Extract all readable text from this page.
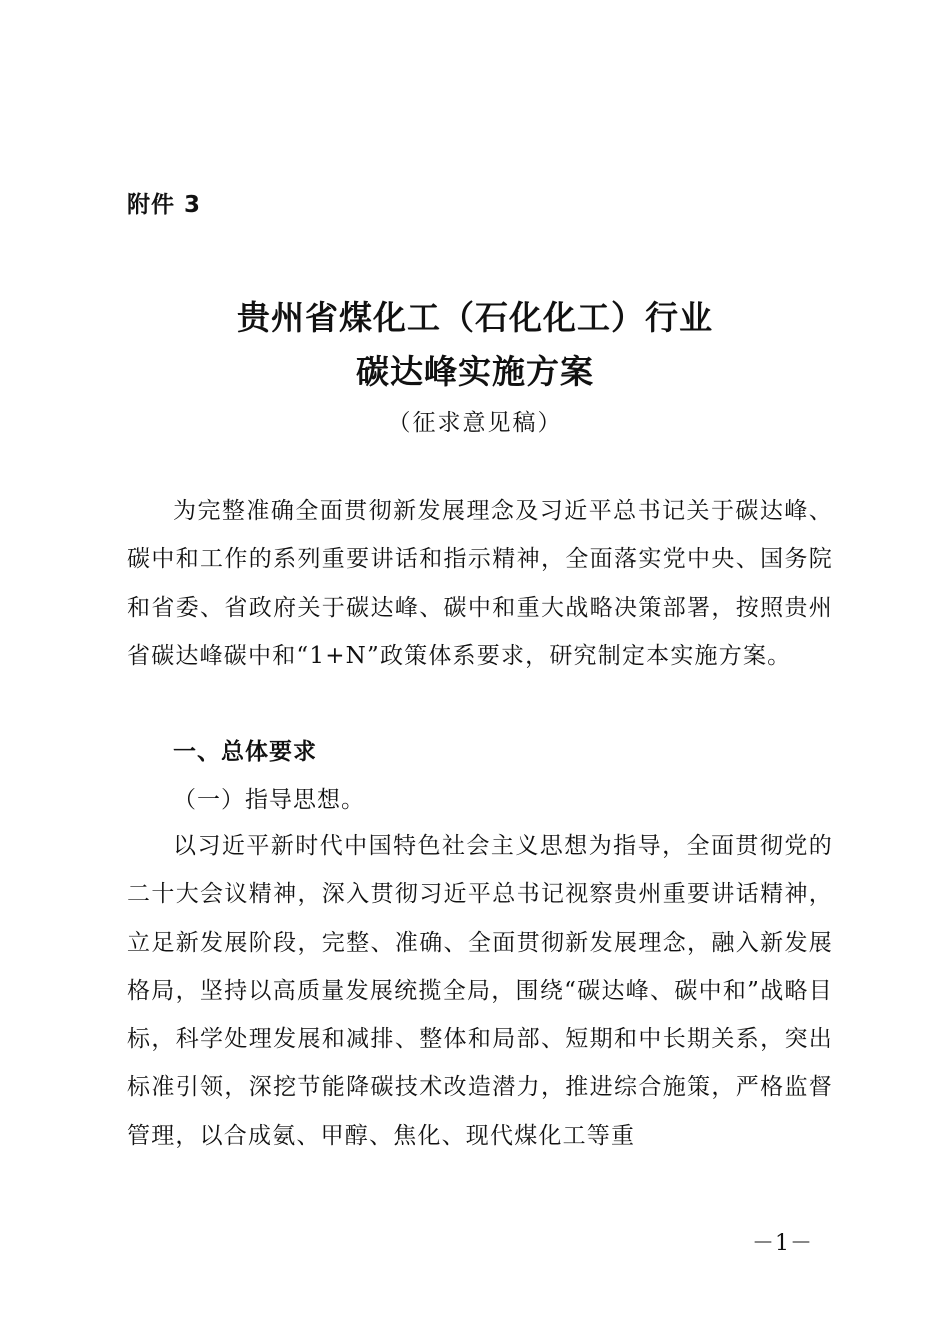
附件 3
贵州省煤化工（石化化工）行业
碳达峰实施方案
（征求意见稿）
为完整准确全面贯彻新发展理念及习近平总书记关于碳达峰、碳中和工作的系列重要讲话和指示精神，全面落实党中央、国务院和省委、省政府关于碳达峰、碳中和重大战略决策部署，按照贵州省碳达峰碳中和“1+N”政策体系要求，研究制定本实施方案。
一、总体要求
（一）指导思想。
以习近平新时代中国特色社会主义思想为指导，全面贯彻党的二十大会议精神，深入贯彻习近平总书记视察贵州重要讲话精神，立足新发展阶段，完整、准确、全面贯彻新发展理念，融入新发展格局，坚持以高质量发展统揽全局，围绕“碳达峰、碳中和”战略目标，科学处理发展和减排、整体和局部、短期和中长期关系，突出标准引领，深挖节能降碳技术改造潜力，推进综合施策，严格监督管理，以合成氨、甲醇、焦化、现代煤化工等重
－1－
